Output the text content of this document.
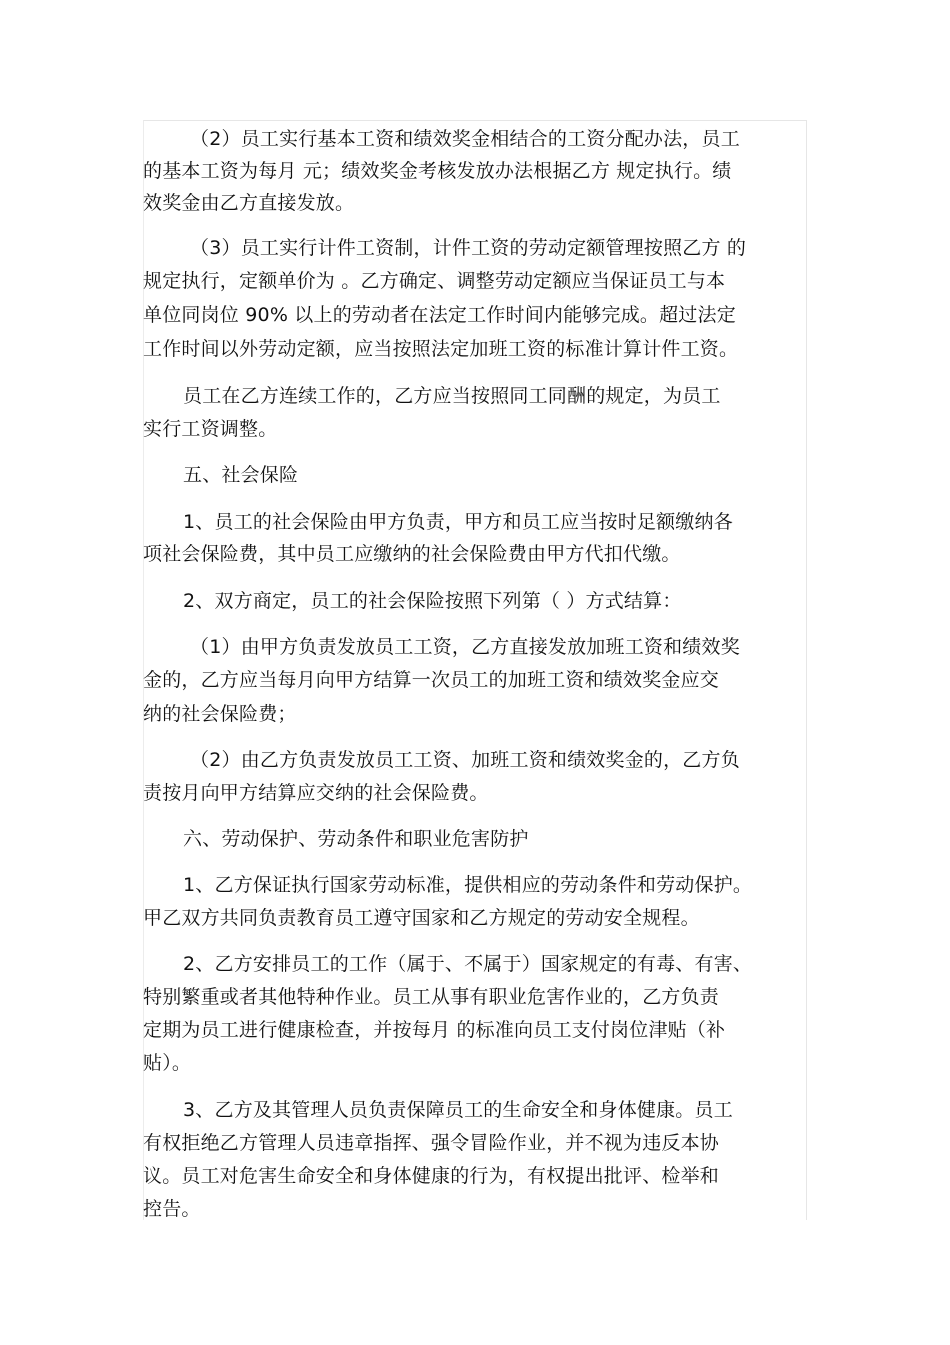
（2）员工实行基本工资和绩效奖金相结合的工资分配办法，员工
的基本工资为每月 元；绩效奖金考核发放办法根据乙方 规定执行。绩
效奖金由乙方直接发放。
（3）员工实行计件工资制，计件工资的劳动定额管理按照乙方 的
规定执行，定额单价为 。乙方确定、调整劳动定额应当保证员工与本
单位同岗位 90% 以上的劳动者在法定工作时间内能够完成。超过法定
工作时间以外劳动定额，应当按照法定加班工资的标准计算计件工资。
员工在乙方连续工作的，乙方应当按照同工同酬的规定，为员工
实行工资调整。
五、社会保险
1、员工的社会保险由甲方负责，甲方和员工应当按时足额缴纳各
项社会保险费，其中员工应缴纳的社会保险费由甲方代扣代缴。
2、双方商定，员工的社会保险按照下列第（ ）方式结算：
（1）由甲方负责发放员工工资，乙方直接发放加班工资和绩效奖
金的，乙方应当每月向甲方结算一次员工的加班工资和绩效奖金应交
纳的社会保险费；
（2）由乙方负责发放员工工资、加班工资和绩效奖金的，乙方负
责按月向甲方结算应交纳的社会保险费。
六、劳动保护、劳动条件和职业危害防护
1、乙方保证执行国家劳动标准，提供相应的劳动条件和劳动保护。
甲乙双方共同负责教育员工遵守国家和乙方规定的劳动安全规程。
2、乙方安排员工的工作（属于、不属于）国家规定的有毒、有害、
特别繁重或者其他特种作业。员工从事有职业危害作业的，乙方负责
定期为员工进行健康检查，并按每月 的标准向员工支付岗位津贴（补
贴）。
3、乙方及其管理人员负责保障员工的生命安全和身体健康。员工
有权拒绝乙方管理人员违章指挥、强令冒险作业，并不视为违反本协
议。员工对危害生命安全和身体健康的行为，有权提出批评、检举和
控告。
